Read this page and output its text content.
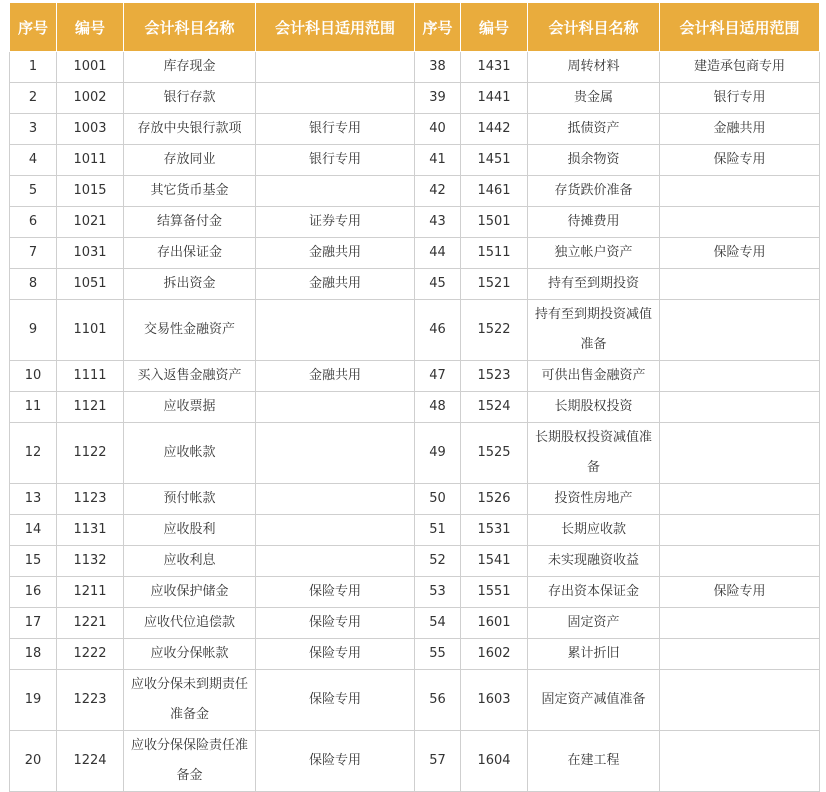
序号	编号	会计科目名称	会计科目适用范围	序号	编号	会计科目名称	会计科目适用范围
1	1001	库存现金		38	1431	周转材料	建造承包商专用
2	1002	银行存款		39	1441	贵金属	银行专用
3	1003	存放中央银行款项	银行专用	40	1442	抵债资产	金融共用
4	1011	存放同业	银行专用	41	1451	损余物资	保险专用
5	1015	其它货币基金		42	1461	存货跌价准备	
6	1021	结算备付金	证券专用	43	1501	待摊费用	
7	1031	存出保证金	金融共用	44	1511	独立帐户资产	保险专用
8	1051	拆出资金	金融共用	45	1521	持有至到期投资	
9	1101	交易性金融资产		46	1522	持有至到期投资减值准备	
10	1111	买入返售金融资产	金融共用	47	1523	可供出售金融资产	
11	1121	应收票据		48	1524	长期股权投资	
12	1122	应收帐款		49	1525	长期股权投资减值准备	
13	1123	预付帐款		50	1526	投资性房地产	
14	1131	应收股利		51	1531	长期应收款	
15	1132	应收利息		52	1541	未实现融资收益	
16	1211	应收保护储金	保险专用	53	1551	存出资本保证金	保险专用
17	1221	应收代位追偿款	保险专用	54	1601	固定资产	
18	1222	应收分保帐款	保险专用	55	1602	累计折旧	
19	1223	应收分保未到期责任准备金	保险专用	56	1603	固定资产减值准备	
20	1224	应收分保保险责任准备金	保险专用	57	1604	在建工程	
